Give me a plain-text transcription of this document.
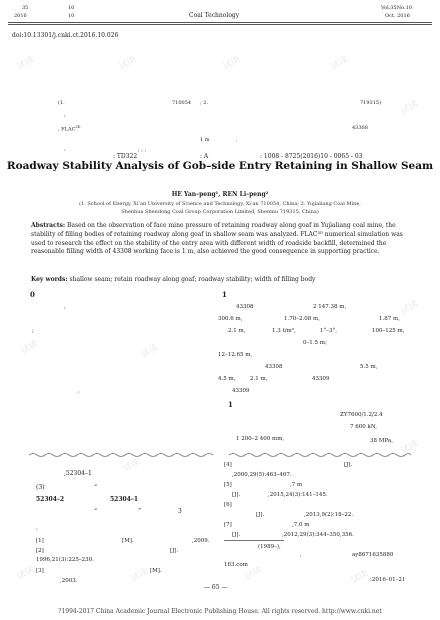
35	10
2016	10	Coal Technology
Vol.35No.10
Oct. 2016
doi:10.13301/j.cnki.ct.2016.10.026
(1.	710054 ; 2.	719315)
:
, $FLAC^{3D}$	43308
1 m	,
:	; ; ;
: TD322	: A	: 1008 - 8725(2016)10 - 0065 - 03
Roadway Stability Analysis of Gob–side Entry Retaining in Shallow Seam
HE Yan–peng¹, REN Li–peng²
(1. School of Energy, Xi’an University of Science and Technology, Xi’an 710054, China; 2. Yujialiang Coal Mine,
Shenhua Shendong Coal Group Corporation Limited, Shenmu 719315, China)
Abstracts: Based on the observation of face mine pressure of retaining roadway along goaf in Yujialiang coal mine, the stability of filling bodies of retaining roadway along goaf in shallow seam was analyzed. FLAC³ᴰ numerical simulation was used to research the effect on the stability of the entry area with different width of roadside backfill, determined the reasonable filling width of 43308 working face is 1 m, also achieved the good consequence in supporting practice.
Key words: shallow seam; retain roadway along goaf; roadway stability; width of filling body
0	1
,
;
,
43308	2 147.38 m,
300.6 m,	1.70–2.08 m,	1.87 m,
2.1 m,	1.3 t/m³,	1°–3°,	100–125 m,
0–1.5 m;
12–12.65 m,
43308	5.5 m,
4.5 m,	2.1 m,	43309
43309
1
ZY7600/1.2/2.4
7 600 kN,
1 200–2 400 mm,	38 MPa。
,52304–1
(3)	“
52304–2	52304–1
“	”	3
:
[1]	[M].	,2009.
[2]	[J].
1996,21(3):225–230.
[3]	[M].
,2003.
[4]	[J].
,2000,29(5):463–467.
[5]	,7 m
[J].	,2015,24(3):141–145.
[6]
[J].	,2013,9(2):18–22.
[7]	,7.0 m
[J].	,2012,29(3):344–350,356.
(1989–),
,	ay8671635880
163.com
:2016–01–21
— 65 —
?1994-2017 China Academic Journal Electronic Publishing House. All rights reserved. http://www.cnki.net
试读	试读	试读	试读
试读
试读	试读
试读
试读
试读
试读	试读	试读	试读
